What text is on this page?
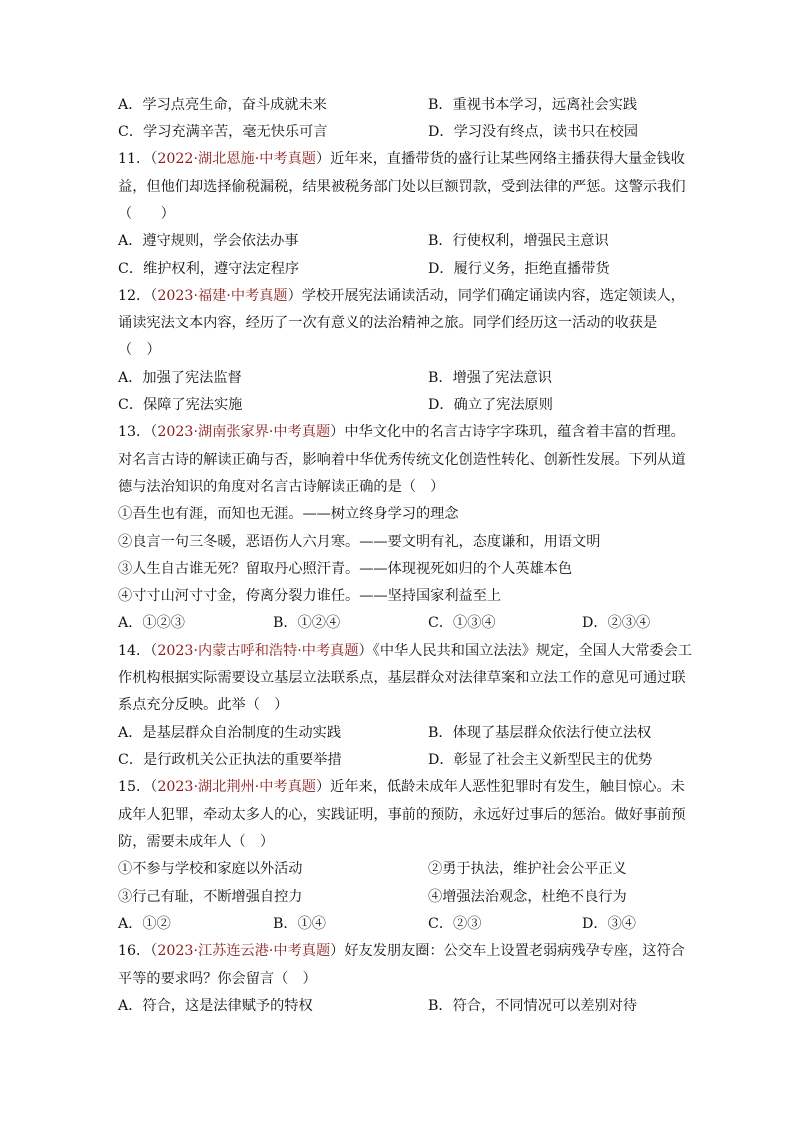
A．学习点亮生命，奋斗成就未来	B．重视书本学习，远离社会实践
C．学习充满辛苦，毫无快乐可言	D．学习没有终点，读书只在校园
11．（2022·湖北恩施·中考真题）近年来，直播带货的盛行让某些网络主播获得大量金钱收
益，但他们却选择偷税漏税，结果被税务部门处以巨额罚款，受到法律的严惩。这警示我们
（　　）
A．遵守规则，学会依法办事	B．行使权利，增强民主意识
C．维护权利，遵守法定程序	D．履行义务，拒绝直播带货
12．（2023·福建·中考真题）学校开展宪法诵读活动，同学们确定诵读内容，选定领读人，
诵读宪法文本内容，经历了一次有意义的法治精神之旅。同学们经历这一活动的收获是
（　）
A．加强了宪法监督	B．增强了宪法意识
C．保障了宪法实施	D．确立了宪法原则
13．（2023·湖南张家界·中考真题）中华文化中的名言古诗字字珠玑，蕴含着丰富的哲理。
对名言古诗的解读正确与否，影响着中华优秀传统文化创造性转化、创新性发展。下列从道
德与法治知识的角度对名言古诗解读正确的是（　）
①吾生也有涯，而知也无涯。——树立终身学习的理念
②良言一句三冬暖，恶语伤人六月寒。——要文明有礼，态度谦和，用语文明
③人生自古谁无死？留取丹心照汗青。——体现视死如归的个人英雄本色
④寸寸山河寸寸金，侉离分裂力谁任。——坚持国家利益至上
A．①②③	B．①②④	C．①③④	D．②③④
14．（2023·内蒙古呼和浩特·中考真题）《中华人民共和国立法法》规定，全国人大常委会工
作机构根据实际需要设立基层立法联系点，基层群众对法律草案和立法工作的意见可通过联
系点充分反映。此举（　）
A．是基层群众自治制度的生动实践	B．体现了基层群众依法行使立法权
C．是行政机关公正执法的重要举措	D．彰显了社会主义新型民主的优势
15．（2023·湖北荆州·中考真题）近年来，低龄未成年人恶性犯罪时有发生，触目惊心。未
成年人犯罪，牵动太多人的心，实践证明，事前的预防，永远好过事后的惩治。做好事前预
防，需要未成年人（　）
①不参与学校和家庭以外活动	②勇于执法，维护社会公平正义
③行己有耻，不断增强自控力	④增强法治观念，杜绝不良行为
A．①②	B．①④	C．②③	D．③④
16．（2023·江苏连云港·中考真题）好友发朋友圈：公交车上设置老弱病残孕专座，这符合
平等的要求吗？你会留言（　）
A．符合，这是法律赋予的特权	B．符合，不同情况可以差别对待
